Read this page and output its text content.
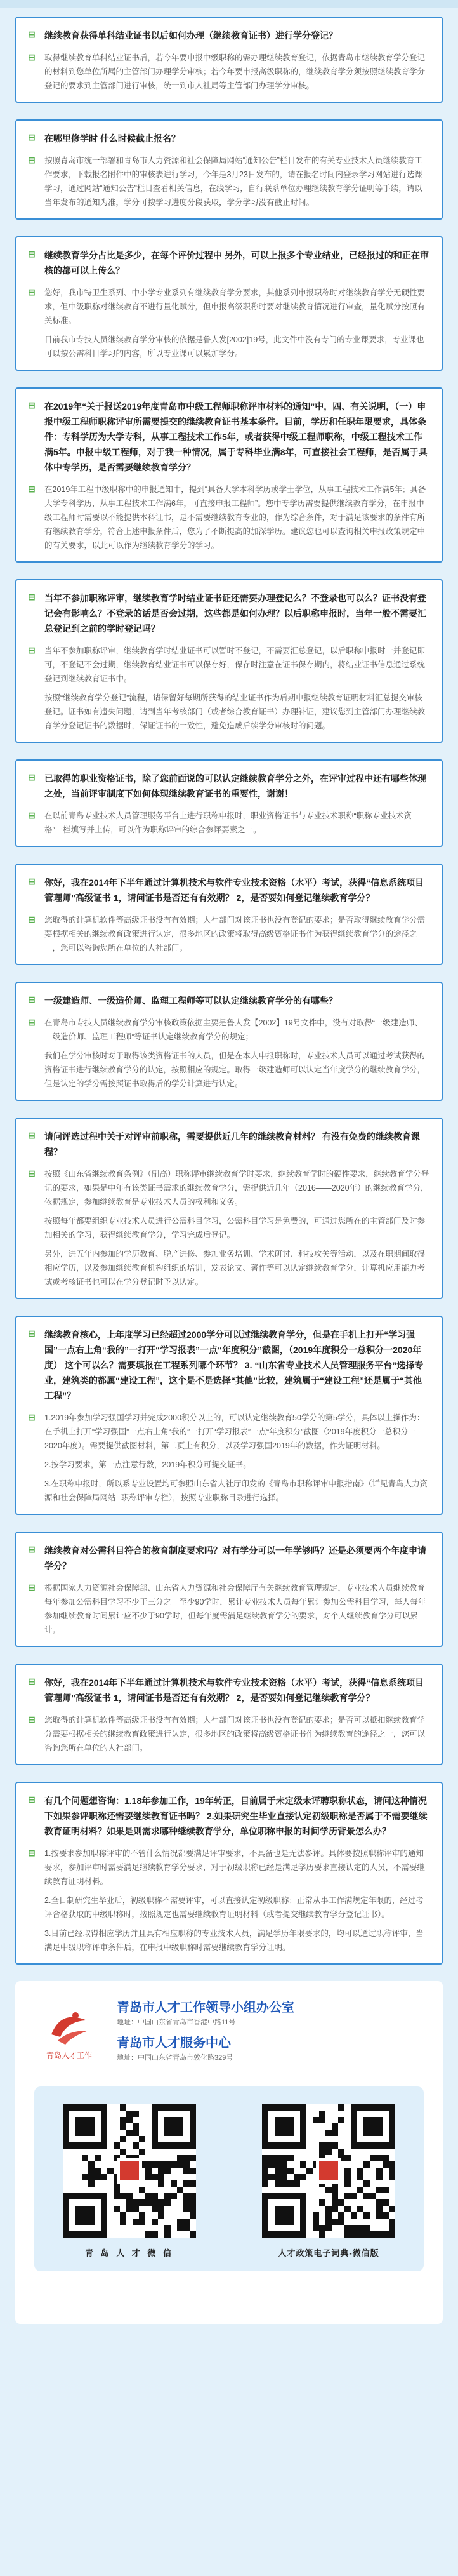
⊟	继续教育获得单科结业证书以后如何办理（继续教育证书）进行学分登记？
⊟	取得继续教育单科结业证书后，若今年要申报中级职称的需办理继续教育登记，依据青岛市继续教育学分登记的材料到您单位所属的主管部门办理学分审核；若今年要申报高级职称的，继续教育学分须按照继续教育学分登记的要求到主管部门进行审核，统一到市人社局等主管部门办理学分审核。

⊟	在哪里修学时 什么时候截止报名？
⊟	按照青岛市统一部署和青岛市人力资源和社会保障局网站“通知公告”栏目发布的有关专业技术人员继续教育工作要求，下载报名附件中的审核表进行学习，今年是3月23日发布的，请在报名时间内登录学习网站进行选课学习，通过网站“通知公告”栏目查看相关信息，在线学习，自行联系单位办理继续教育学分证明等手续，请以当年发布的通知为准，学分可按学习进度分段获取，学分学习没有截止时间。

⊟	继续教育学分占比是多少，在每个评价过程中 另外，可以上报多个专业结业，已经报过的和正在审核的都可以上传么？
⊟	您好，我市特卫生系列、中小学专业系列有继续教育学分要求，其他系列申报职称时对继续教育学分无硬性要求，但中级职称对继续教育不进行量化赋分，但申报高级职称时要对继续教育情况进行审查，量化赋分按照有关标准。

目前我市专技人员继续教育学分审核的依据是鲁人发[2002]19号，此文件中没有专门的专业课要求，专业课也可以按公需科目学习的内容，所以专业课可以累加学分。

⊟	在2019年“关于报送2019年度青岛市中级工程师职称评审材料的通知”中，四、有关说明，（一）申报中级工程师职称评审所需要提交的继续教育证书基本条件。目前，学历和任职年限要求，具体条件：专科学历为大学专科，从事工程技术工作5年，或者获得中级工程师职称，中级工程技术工作满5年。申报中级工程师，对于我一种情况，属于专科毕业满8年，可直接社会工程师，是否属于具体中专学历，是否需要继续教育学分？
⊟	在2019年工程中级职称中的申报通知中，提到“具备大学本科学历或学士学位，从事工程技术工作满5年；具备大学专科学历，从事工程技术工作满6年，可直接申报工程师”。您中专学历需要提供继续教育学分，在申报中级工程师时需要以不能提供本科证书，是不需要继续教育专业的，作为综合条件，对于满足该要求的条件有所有继续教育学分，符合上述申报条件后，您为了不断提高的加深学历。建议您也可以查询相关申报政策规定中的有关要求，以此可以作为继续教育学分的学习。

⊟	当年不参加职称评审，继续教育学时结业证书证还需要办理登记么？不登录也可以么？证书没有登记会有影响么？不登录的话是否会过期，这些都是如何办理？以后职称申报时，当年一般不需要汇总登记到之前的学时登记吗？
⊟	当年不参加职称评审，继续教育学时结业证书可以暂时不登记，不需要汇总登记，以后职称申报时一并登记即可，不登记不会过期，继续教育结业证书可以保存好，保存时注意在证书保存期内，将结业证书信息通过系统登记到继续教育证书中。

按照“继续教育学分登记”流程，请保留好每期所获得的结业证书作为后期申报继续教育证明材料汇总提交审核登记。证书如有遗失问题，请到当年考核部门（或者综合教育证书）办理补证，建议您到主管部门办理继续教育学分登记证书的数据时，保证证书的一致性，避免造成后续学分审核时的问题。

⊟	已取得的职业资格证书，除了您前面说的可以认定继续教育学分之外，在评审过程中还有哪些体现之处，当前评审制度下如何体现继续教育证书的重要性，谢谢！
⊟	在以前青岛专业技术人员管理服务平台上进行职称申报时，职业资格证书与专业技术职称“职称专业技术资格”一栏填写并上传，可以作为职称评审的综合参评要素之一。

⊟	你好，我在2014年下半年通过计算机技术与软件专业技术资格（水平）考试，获得“信息系统项目管理师”高级证书 1，请问证书是否还有有效期？ 2，是否要如何登记继续教育学分？
⊟	您取得的计算机软件等高级证书没有有效期；人社部门对该证书也没有登记的要求；是否取得继续教育学分需要根据相关的继续教育政策进行认定，很多地区的政策将取得高级资格证书作为获得继续教育学分的途径之一，您可以咨询您所在单位的人社部门。

⊟	一级建造师、一级造价师、监理工程师等可以认定继续教育学分的有哪些？
⊟	在青岛市专技人员继续教育学分审核政策依据主要是鲁人发【2002】19号文件中，没有对取得“一级建造师、一级造价师、监理工程师”等证书认定继续教育学分的规定；

我们在学分审核时对于取得该类资格证书的人员，但是在本人申报职称时，专业技术人员可以通过考试获得的资格证书进行继续教育学分的认定，按照相应的规定。取得一级建造师可以认定当年度学分的继续教育学分，但是认定的学分需按照证书取得后的学分计算进行认定。

⊟	请问评选过程中关于对评审前职称，需要提供近几年的继续教育材料？ 有没有免费的继续教育课程？
⊟	按照《山东省继续教育条例》（副高）职称评审继续教育学时要求，继续教育学时的硬性要求，继续教育学分登记的要求，如果是中年有该类证书需求的继续教育学分，需提供近几年（2016——2020年）的继续教育学分，依据规定，参加继续教育是专业技术人员的权利和义务。

按照每年都要组织专业技术人员进行公需科目学习，公需科目学习是免费的，可通过您所在的主管部门及时参加相关的学习，获得继续教育学分，学习完成后登记。

另外，进五年内参加的学历教育、脱产进修、参加业务培训、学术研讨、科技攻关等活动，以及在职期间取得相应学历，以及参加继续教育机构组织的培训，发表论文、著作等可以认定继续教育学分，计算机应用能力考试或考核证书也可以在学分登记时予以认定。

⊟	继续教育核心，上年度学习已经超过2000学分可以过继续教育学分，但是在手机上打开“学习强国”一点右上角“我的”一打开“学习报表”一点“年度积分”截图，（2019年度积分一总积分一2020年度） 这个可以么？需要填报在工程系列哪个环节？ 3. “山东省专业技术人员管理服务平台”选择专业，建筑类的都属“建设工程”，这个是不是选择“其他”比较，建筑属于“建设工程”还是属于“其他工程”？
⊟	1.2019年参加学习强国学习并完成2000积分以上的，可以认定继续教育50学分的第5学分，具体以上操作为：在手机上打开“学习强国”一点右上角“我的”一打开“学习报表”一点“年度积分”截图（2019年度积分一总积分一2020年度）。需要提供截图材料，第二页上有积分，以及学习强国2019年的数据，作为证明材料。

2.按学习要求，第一点注意行数，2019年积分可提交证书。

3.在职称申报时，所以系专业设置均可参照山东省人社厅印发的《青岛市职称评审申报指南》（详见青岛人力资源和社会保障局网站--职称评审专栏），按照专业职称目录进行选择。

⊟	继续教育对公需科目符合的教育制度要求吗？对有学分可以一年学够吗？还是必须要两个年度申请学分？
⊟	根据国家人力资源社会保障部、山东省人力资源和社会保障厅有关继续教育管理规定，专业技术人员继续教育每年参加公需科目学习不少于三分之一至少90学时，累计专业技术人员每年累计参加公需科目学习，每人每年参加继续教育时间累计应不少于90学时，但每年度需满足继续教育学分的要求，对个人继续教育学分可以累计。

⊟	你好，我在2014年下半年通过计算机技术与软件专业技术资格（水平）考试，获得“信息系统项目管理师”高级证书 1，请问证书是否还有有效期？ 2，是否要如何登记继续教育学分？
⊟	您取得的计算机软件等高级证书没有有效期；人社部门对该证书也没有登记的要求；是否可以抵扣继续教育学分需要根据相关的继续教育政策进行认定，很多地区的政策将高级资格证书作为继续教育的途径之一，您可以咨询您所在单位的人社部门。

⊟	有几个问题想咨询：1.18年参加工作，19年转正，目前属于未定级未评聘职称状态，请问这种情况下如果参评职称还需要继续教育证书吗？ 2.如果研究生毕业直接认定初级职称是否属于不需要继续教育证明材料？如果是则需求哪种继续教育学分，单位职称申报的时间学历背景怎么办？
⊟	1.按要求参加职称评审的不管什么情况都要满足评审要求，不具备也是无法参评。具体要按照职称评审的通知要求，参加评审时需要满足继续教育学分要求，对于初级职称已经是满足学历要求直接认定的人员，不需要继续教育证明材料。

2.全日制研究生毕业后，初级职称不需要评审，可以直接认定初级职称；正常从事工作满规定年限的，经过考评合格获取的中级职称时，按照规定也需要继续教育证明材料（或者提交继续教育学分登记证书）。

3.目前已经取得相应学历并且具有相应职称的专业技术人员，满足学历年限要求的，均可以通过职称评审，当满足中级职称评审条件后，在申报中级职称时需要继续教育学分证明。

青岛人才工作
青岛市人才工作领导小组办公室
地址：中国山东省青岛市香港中路11号
青岛市人才服务中心
地址：中国山东省青岛市敦化路329号
青 岛 人 才 微 信	人才政策电子词典-微信版
